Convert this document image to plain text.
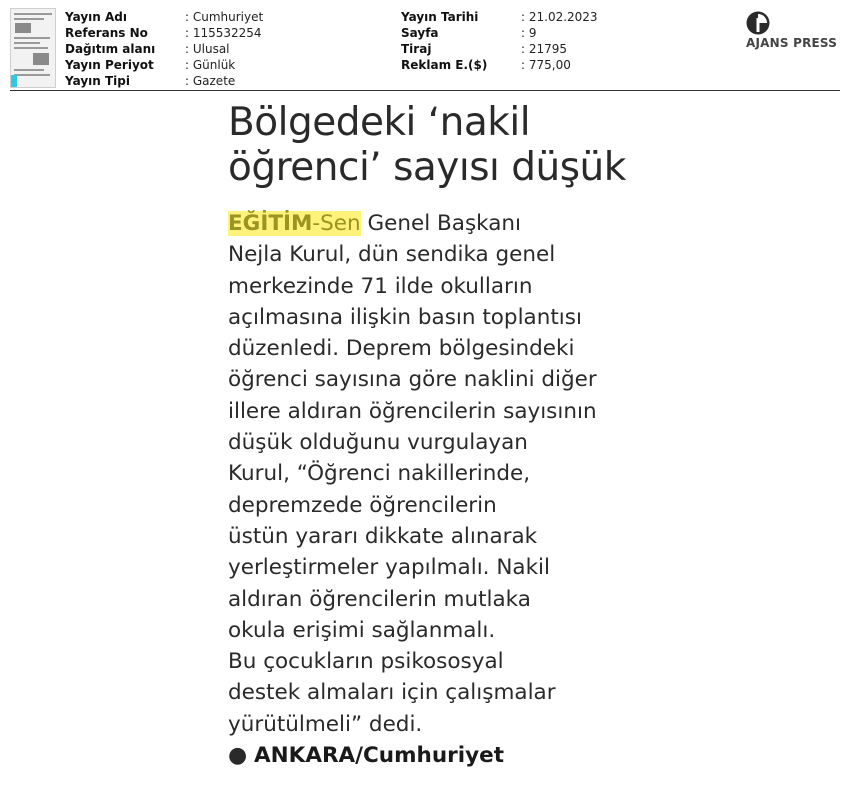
Yayın Adı	: Cumhuriyet
Referans No	: 115532254
Dağıtım alanı	: Ulusal
Yayın Periyot	: Günlük
Yayın Tipi	: Gazete
Yayın Tarihi	: 21.02.2023
Sayfa	: 9
Tiraj	: 21795
Reklam E.($)	: 775,00
AJANS PRESS
Bölgedeki ‘nakil
öğrenci’ sayısı düşük
EĞİTİM-Sen Genel Başkanı
Nejla Kurul, dün sendika genel
merkezinde 71 ilde okulların
açılmasına ilişkin basın toplantısı
düzenledi. Deprem bölgesindeki
öğrenci sayısına göre naklini diğer
illere aldıran öğrencilerin sayısının
düşük olduğunu vurgulayan
Kurul, “Öğrenci nakillerinde,
depremzede öğrencilerin
üstün yararı dikkate alınarak
yerleştirmeler yapılmalı. Nakil
aldıran öğrencilerin mutlaka
okula erişimi sağlanmalı.
Bu çocukların psikososyal
destek almaları için çalışmalar
yürütülmeli” dedi.
● ANKARA/Cumhuriyet
